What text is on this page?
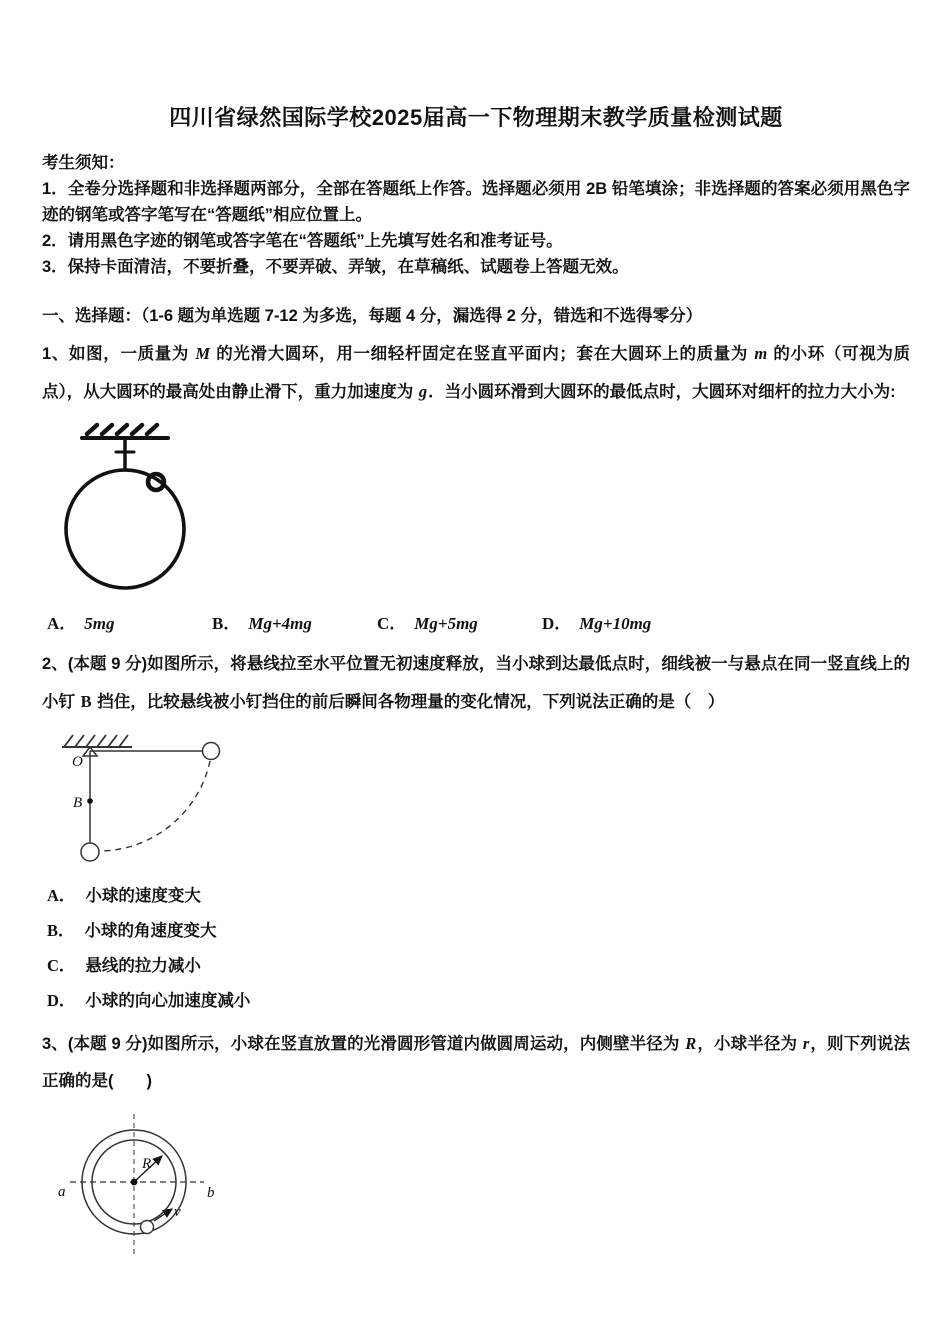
四川省绿然国际学校2025届高一下物理期末教学质量检测试题

考生须知：

1．全卷分选择题和非选择题两部分，全部在答题纸上作答。选择题必须用 2B 铅笔填涂；非选择题的答案必须用黑色字迹的钢笔或答字笔写在“答题纸”相应位置上。

2．请用黑色字迹的钢笔或答字笔在“答题纸”上先填写姓名和准考证号。

3．保持卡面清洁，不要折叠，不要弄破、弄皱，在草稿纸、试题卷上答题无效。

一、选择题：（1-6 题为单选题 7-12 为多选，每题 4 分，漏选得 2 分，错选和不选得零分）

1、如图，一质量为 M 的光滑大圆环，用一细轻杆固定在竖直平面内；套在大圆环上的质量为 m 的小环（可视为质点），从大圆环的最高处由静止滑下，重力加速度为 g．当小圆环滑到大圆环的最低点时，大圆环对细杆的拉力大小为:

A． 5mg	B． Mg+4mg	C． Mg+5mg	D． Mg+10mg

2、(本题 9 分)如图所示，将悬线拉至水平位置无初速度释放，当小球到达最低点时，细线被一与悬点在同一竖直线上的小钉 B 挡住，比较悬线被小钉挡住的前后瞬间各物理量的变化情况，下列说法正确的是（　）

O
B
A． 小球的速度变大
B． 小球的角速度变大
C． 悬线的拉力减小
D． 小球的向心加速度减小

3、(本题 9 分)如图所示，小球在竖直放置的光滑圆形管道内做圆周运动，内侧壁半径为 R，小球半径为 r，则下列说法正确的是(　　)

R
a	b
v
